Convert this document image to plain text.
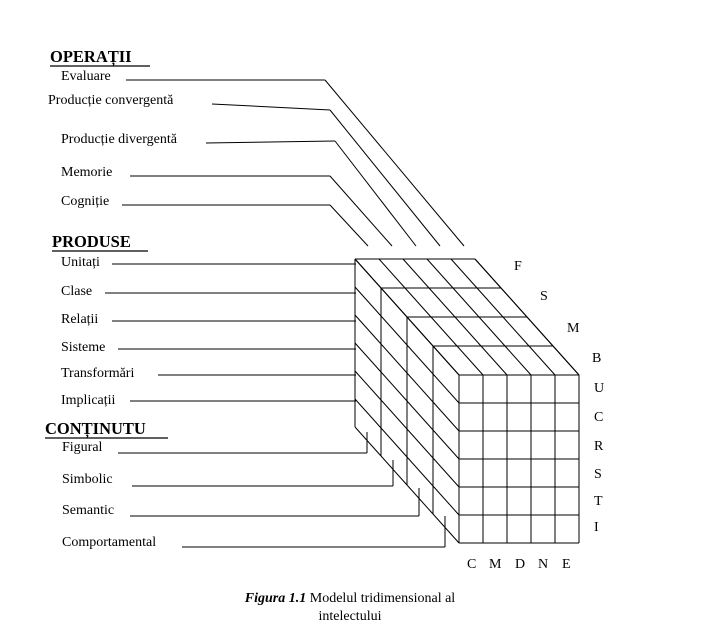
OPERAȚII
PRODUSE
CONȚINUTU
Evaluare
Producție convergentă
Producție divergentă
Memorie
Cogniție
Unitați
Clase
Relații
Sisteme
Transformări
Implicații
Figural
Simbolic
Semantic
Comportamental
F
S
M
B
U
C
R
S
T
I
C M D N E
Figura 1.1 Modelul tridimensional al
intelectului
